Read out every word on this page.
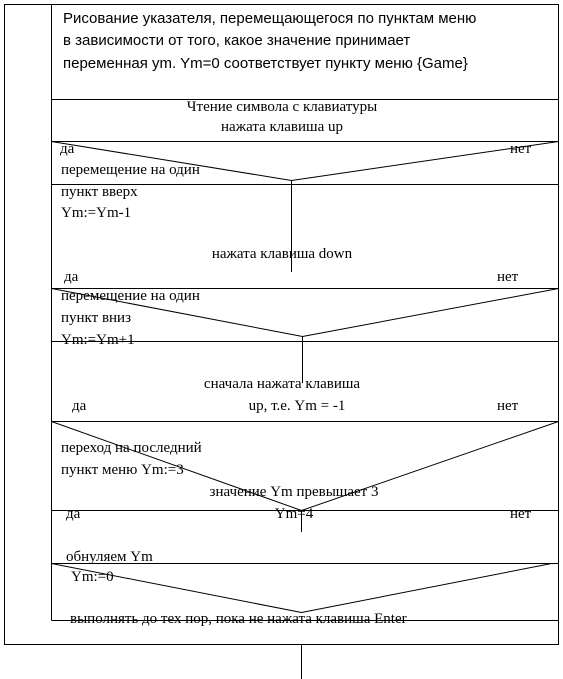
Рисование указателя, перемещающегося по пунктам меню
в зависимости от того, какое значение принимает
переменная ym. Ym=0 соответствует пункту меню {Game}
Чтение символа с клавиатуры
нажата клавиша up
да	нет
перемещение на один
пункт вверх
Ym:=Ym-1
нажата клавиша down
да	нет
перемещение на один
пункт вниз
Ym:=Ym+1
сначала нажата клавиша
да	up, т.е. Ym = -1	нет
переход на последний
пункт меню Ym:=3
значение Ym превышает 3
да	Ym=4	нет
обнуляем Ym
Ym:=0
выполнять до тех пор, пока не нажата клавиша Enter
